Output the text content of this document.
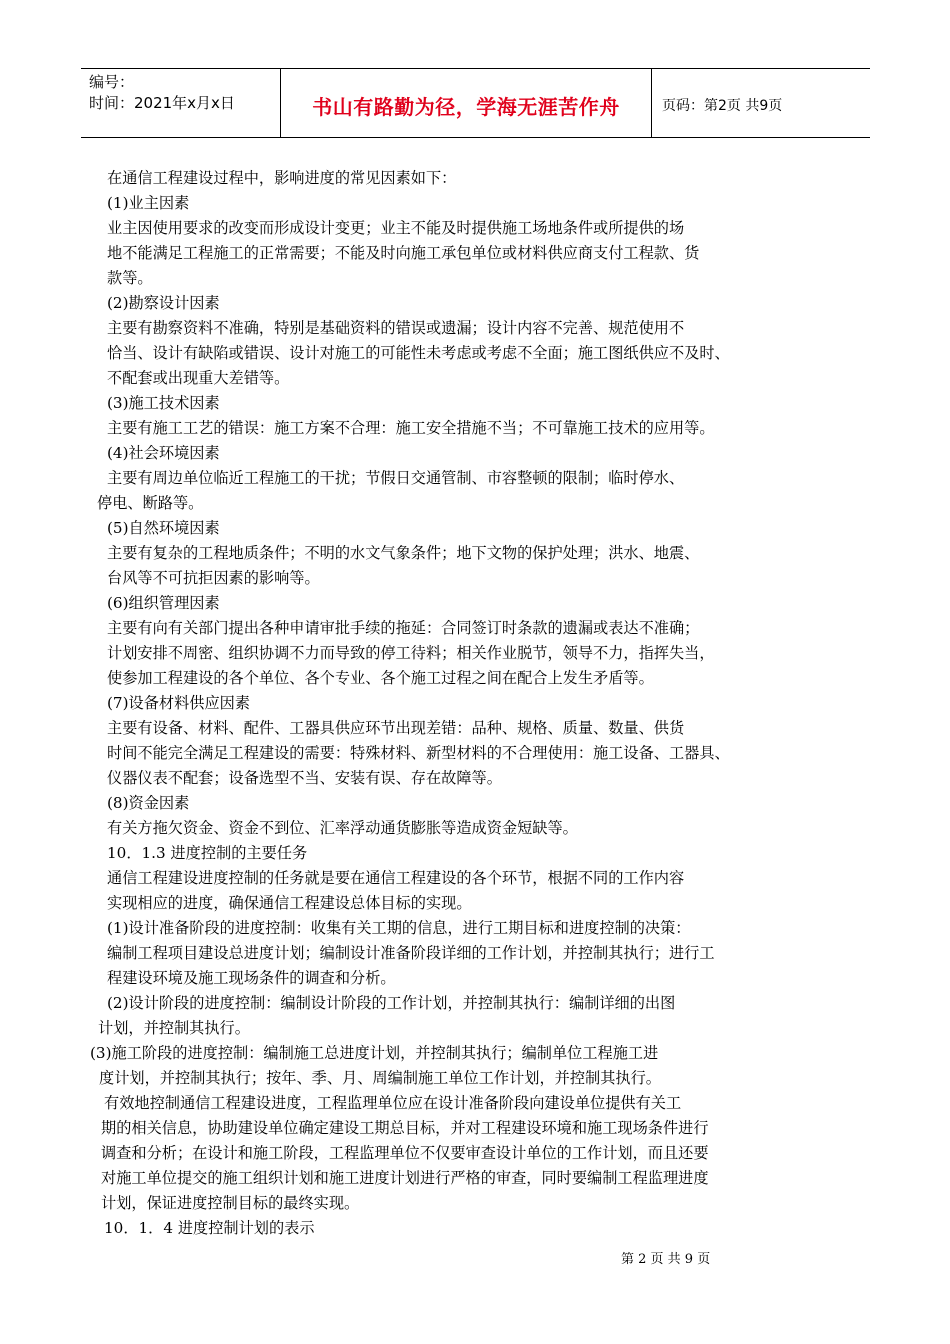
编号：
时间：2021年x月x日	书山有路勤为径，学海无涯苦作舟	页码：第2页 共9页
在通信工程建设过程中，影响进度的常见因素如下：
(1)业主因素
业主因使用要求的改变而形成设计变更；业主不能及时提供施工场地条件或所提供的场
地不能满足工程施工的正常需要；不能及时向施工承包单位或材料供应商支付工程款、货
款等。
(2)勘察设计因素
主要有勘察资料不准确，特别是基础资料的错误或遗漏；设计内容不完善、规范使用不
恰当、设计有缺陷或错误、设计对施工的可能性未考虑或考虑不全面；施工图纸供应不及时、
不配套或出现重大差错等。
(3)施工技术因素
主要有施工工艺的错误：施工方案不合理：施工安全措施不当；不可靠施工技术的应用等。
(4)社会环境因素
主要有周边单位临近工程施工的干扰；节假日交通管制、市容整顿的限制；临时停水、
停电、断路等。
(5)自然环境因素
主要有复杂的工程地质条件；不明的水文气象条件；地下文物的保护处理；洪水、地震、
台风等不可抗拒因素的影响等。
(6)组织管理因素
主要有向有关部门提出各种申请审批手续的拖延：合同签订时条款的遗漏或表达不准确；
计划安排不周密、组织协调不力而导致的停工待料；相关作业脱节，领导不力，指挥失当，
使参加工程建设的各个单位、各个专业、各个施工过程之间在配合上发生矛盾等。
(7)设备材料供应因素
主要有设备、材料、配件、工器具供应环节出现差错：品种、规格、质量、数量、供货
时间不能完全满足工程建设的需要：特殊材料、新型材料的不合理使用：施工设备、工器具、
仪器仪表不配套；设备选型不当、安装有误、存在故障等。
(8)资金因素
有关方拖欠资金、资金不到位、汇率浮动通货膨胀等造成资金短缺等。
10．1.3 进度控制的主要任务
通信工程建设进度控制的任务就是要在通信工程建设的各个环节，根据不同的工作内容
实现相应的进度，确保通信工程建设总体目标的实现。
(1)设计准备阶段的进度控制：收集有关工期的信息，进行工期目标和进度控制的决策：
编制工程项目建设总进度计划；编制设计准备阶段详细的工作计划，并控制其执行；进行工
程建设环境及施工现场条件的调查和分析。
(2)设计阶段的进度控制：编制设计阶段的工作计划，并控制其执行：编制详细的出图
计划，并控制其执行。
(3)施工阶段的进度控制：编制施工总进度计划，并控制其执行；编制单位工程施工进
度计划，并控制其执行；按年、季、月、周编制施工单位工作计划，并控制其执行。
有效地控制通信工程建设进度，工程监理单位应在设计准备阶段向建设单位提供有关工
期的相关信息，协助建设单位确定建设工期总目标，并对工程建设环境和施工现场条件进行
调查和分析；在设计和施工阶段，工程监理单位不仅要审查设计单位的工作计划，而且还要
对施工单位提交的施工组织计划和施工进度计划进行严格的审查，同时要编制工程监理进度
计划，保证进度控制目标的最终实现。
10．1．4 进度控制计划的表示
第 2 页 共 9 页
